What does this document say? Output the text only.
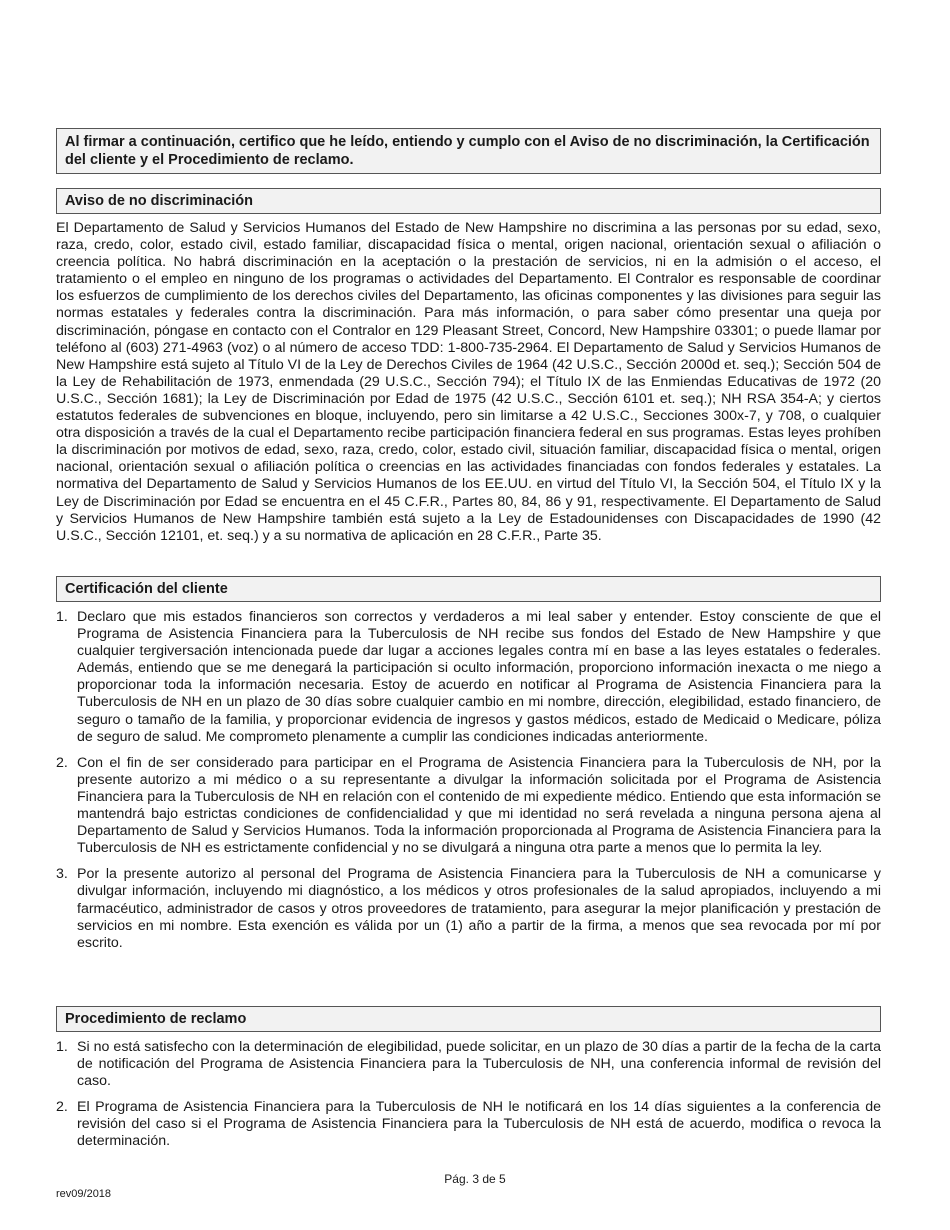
Al firmar a continuación, certifico que he leído, entiendo y cumplo con el Aviso de no discriminación, la Certificación del cliente y el Procedimiento de reclamo.
Aviso de no discriminación
El Departamento de Salud y Servicios Humanos del Estado de New Hampshire no discrimina a las personas por su edad, sexo, raza, credo, color, estado civil, estado familiar, discapacidad física o mental, origen nacional, orientación sexual o afiliación o creencia política. No habrá discriminación en la aceptación o la prestación de servicios, ni en la admisión o el acceso, el tratamiento o el empleo en ninguno de los programas o actividades del Departamento. El Contralor es responsable de coordinar los esfuerzos de cumplimiento de los derechos civiles del Departamento, las oficinas componentes y las divisiones para seguir las normas estatales y federales contra la discriminación. Para más información, o para saber cómo presentar una queja por discriminación, póngase en contacto con el Contralor en 129 Pleasant Street, Concord, New Hampshire 03301; o puede llamar por teléfono al (603) 271-4963 (voz) o al número de acceso TDD: 1-800-735-2964. El Departamento de Salud y Servicios Humanos de New Hampshire está sujeto al Título VI de la Ley de Derechos Civiles de 1964 (42 U.S.C., Sección 2000d et. seq.); Sección 504 de la Ley de Rehabilitación de 1973, enmendada (29 U.S.C., Sección 794); el Título IX de las Enmiendas Educativas de 1972 (20 U.S.C., Sección 1681); la Ley de Discriminación por Edad de 1975 (42 U.S.C., Sección 6101 et. seq.); NH RSA 354-A; y ciertos estatutos federales de subvenciones en bloque, incluyendo, pero sin limitarse a 42 U.S.C., Secciones 300x-7, y 708, o cualquier otra disposición a través de la cual el Departamento recibe participación financiera federal en sus programas. Estas leyes prohíben la discriminación por motivos de edad, sexo, raza, credo, color, estado civil, situación familiar, discapacidad física o mental, origen nacional, orientación sexual o afiliación política o creencias en las actividades financiadas con fondos federales y estatales. La normativa del Departamento de Salud y Servicios Humanos de los EE.UU. en virtud del Título VI, la Sección 504, el Título IX y la Ley de Discriminación por Edad se encuentra en el 45 C.F.R., Partes 80, 84, 86 y 91, respectivamente. El Departamento de Salud y Servicios Humanos de New Hampshire también está sujeto a la Ley de Estadounidenses con Discapacidades de 1990 (42 U.S.C., Sección 12101, et. seq.) y a su normativa de aplicación en 28 C.F.R., Parte 35.
Certificación del cliente
1. Declaro que mis estados financieros son correctos y verdaderos a mi leal saber y entender. Estoy consciente de que el Programa de Asistencia Financiera para la Tuberculosis de NH recibe sus fondos del Estado de New Hampshire y que cualquier tergiversación intencionada puede dar lugar a acciones legales contra mí en base a las leyes estatales o federales. Además, entiendo que se me denegará la participación si oculto información, proporciono información inexacta o me niego a proporcionar toda la información necesaria. Estoy de acuerdo en notificar al Programa de Asistencia Financiera para la Tuberculosis de NH en un plazo de 30 días sobre cualquier cambio en mi nombre, dirección, elegibilidad, estado financiero, de seguro o tamaño de la familia, y proporcionar evidencia de ingresos y gastos médicos, estado de Medicaid o Medicare, póliza de seguro de salud. Me comprometo plenamente a cumplir las condiciones indicadas anteriormente.
2. Con el fin de ser considerado para participar en el Programa de Asistencia Financiera para la Tuberculosis de NH, por la presente autorizo a mi médico o a su representante a divulgar la información solicitada por el Programa de Asistencia Financiera para la Tuberculosis de NH en relación con el contenido de mi expediente médico. Entiendo que esta información se mantendrá bajo estrictas condiciones de confidencialidad y que mi identidad no será revelada a ninguna persona ajena al Departamento de Salud y Servicios Humanos. Toda la información proporcionada al Programa de Asistencia Financiera para la Tuberculosis de NH es estrictamente confidencial y no se divulgará a ninguna otra parte a menos que lo permita la ley.
3. Por la presente autorizo al personal del Programa de Asistencia Financiera para la Tuberculosis de NH a comunicarse y divulgar información, incluyendo mi diagnóstico, a los médicos y otros profesionales de la salud apropiados, incluyendo a mi farmacéutico, administrador de casos y otros proveedores de tratamiento, para asegurar la mejor planificación y prestación de servicios en mi nombre. Esta exención es válida por un (1) año a partir de la firma, a menos que sea revocada por mí por escrito.
Procedimiento de reclamo
1. Si no está satisfecho con la determinación de elegibilidad, puede solicitar, en un plazo de 30 días a partir de la fecha de la carta de notificación del Programa de Asistencia Financiera para la Tuberculosis de NH, una conferencia informal de revisión del caso.
2. El Programa de Asistencia Financiera para la Tuberculosis de NH le notificará en los 14 días siguientes a la conferencia de revisión del caso si el Programa de Asistencia Financiera para la Tuberculosis de NH está de acuerdo, modifica o revoca la determinación.
Pág. 3 de 5
rev09/2018
